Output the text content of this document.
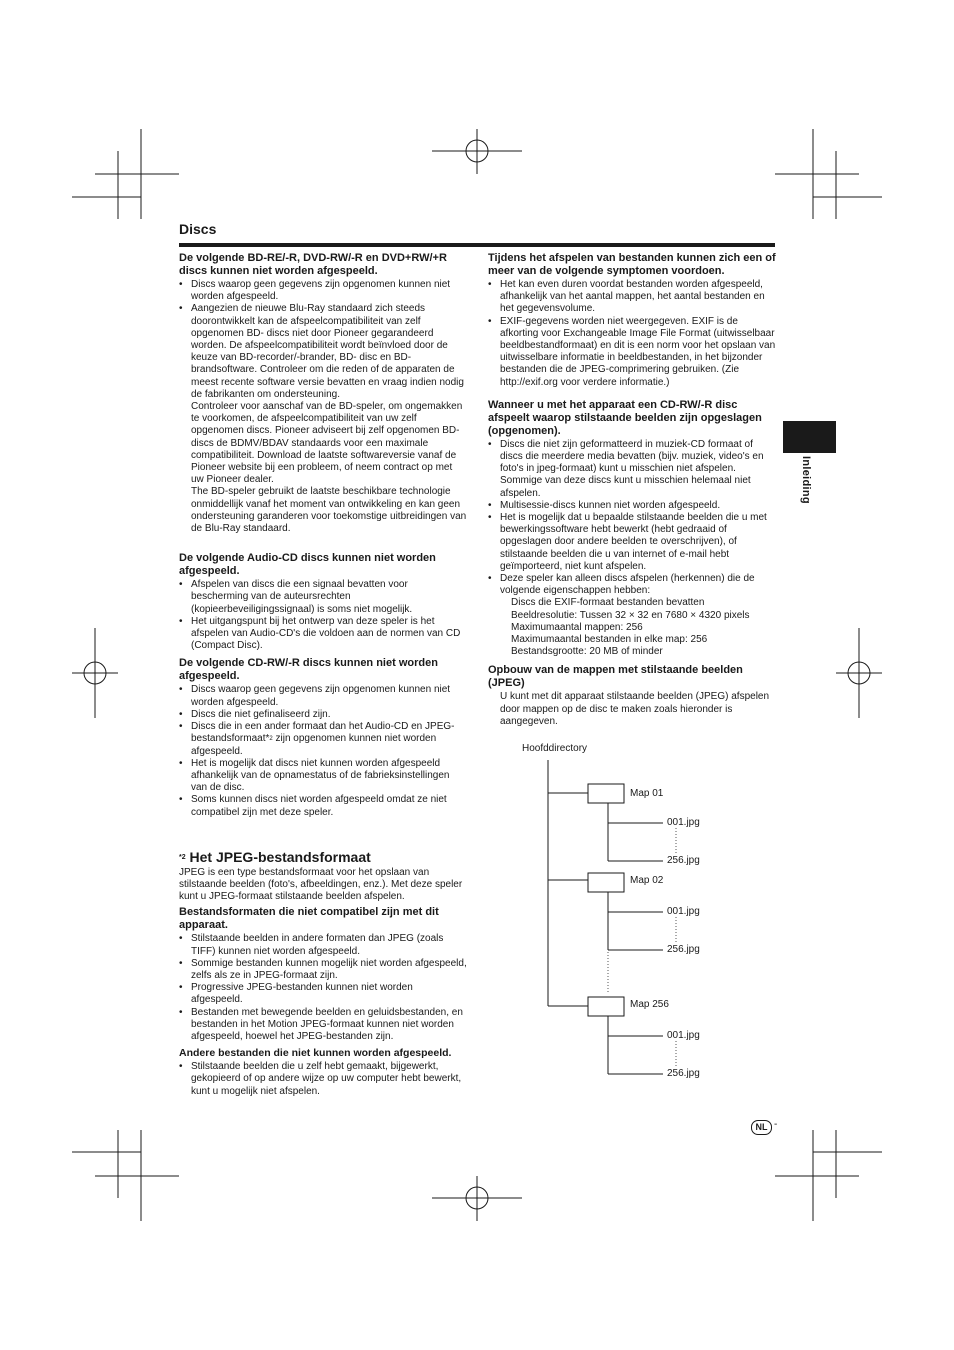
Discs
De volgende BD-RE/-R, DVD-RW/-R en DVD+RW/+R discs kunnen niet worden afgespeeld.
• Discs waarop geen gegevens zijn opgenomen kunnen niet worden afgespeeld.
• Aangezien de nieuwe Blu-Ray standaard zich steeds doorontwikkelt kan de afspeelcompatibiliteit van zelf opgenomen BD- discs niet door Pioneer gegarandeerd worden. De afspeelcompatibiliteit wordt beïnvloed door de keuze van BD-recorder/-brander, BD- disc en BD-brandsoftware. Controleer om die reden of de apparaten de meest recente software versie bevatten en vraag indien nodig de fabrikanten om ondersteuning.

Controleer voor aanschaf van de BD-speler, om ongemakken te voorkomen, de afspeelcompatibiliteit van uw zelf opgenomen discs. Pioneer adviseert bij zelf opgenomen BD-discs de BDMV/BDAV standaards voor een maximale compatibiliteit. Download de laatste softwareversie vanaf de Pioneer website bij een probleem, of neem contract op met uw Pioneer dealer.

The BD-speler gebruikt de laatste beschikbare technologie onmiddellijk vanaf het moment van ontwikkeling en kan geen ondersteuning garanderen voor toekomstige uitbreidingen van de Blu-Ray standaard.

De volgende Audio-CD discs kunnen niet worden afgespeeld.
• Afspelen van discs die een signaal bevatten voor bescherming van de auteursrechten (kopieerbeveiligingssignaal) is soms niet mogelijk.
• Het uitgangspunt bij het ontwerp van deze speler is het afspelen van Audio-CD's die voldoen aan de normen van CD (Compact Disc).
De volgende CD-RW/-R discs kunnen niet worden afgespeeld.
• Discs waarop geen gegevens zijn opgenomen kunnen niet worden afgespeeld.
• Discs die niet gefinaliseerd zijn.
• Discs die in een ander formaat dan het Audio-CD en JPEG-bestandsformaat*$^2$ zijn opgenomen kunnen niet worden afgespeeld.
• Het is mogelijk dat discs niet kunnen worden afgespeeld afhankelijk van de opnamestatus of de fabrieksinstellingen van de disc.
• Soms kunnen discs niet worden afgespeeld omdat ze niet compatibel zijn met deze speler.
$^{*2}$ Het JPEG-bestandsformaat

JPEG is een type bestandsformaat voor het opslaan van stilstaande beelden (foto's, afbeeldingen, enz.). Met deze speler kunt u JPEG-formaat stilstaande beelden afspelen.

Bestandsformaten die niet compatibel zijn met dit apparaat.
• Stilstaande beelden in andere formaten dan JPEG (zoals TIFF) kunnen niet worden afgespeeld.
• Sommige bestanden kunnen mogelijk niet worden afgespeeld, zelfs als ze in JPEG-formaat zijn.
• Progressive JPEG-bestanden kunnen niet worden afgespeeld.
• Bestanden met bewegende beelden en geluidsbestanden, en bestanden in het Motion JPEG-formaat kunnen niet worden afgespeeld, hoewel het JPEG-bestanden zijn.
Andere bestanden die niet kunnen worden afgespeeld.
• Stilstaande beelden die u zelf hebt gemaakt, bijgewerkt, gekopieerd of op andere wijze op uw computer hebt bewerkt, kunt u mogelijk niet afspelen.
Tijdens het afspelen van bestanden kunnen zich een of meer van de volgende symptomen voordoen.
• Het kan even duren voordat bestanden worden afgespeeld, afhankelijk van het aantal mappen, het aantal bestanden en het gegevensvolume.
• EXIF-gegevens worden niet weergegeven. EXIF is de afkorting voor Exchangeable Image File Format (uitwisselbaar beeldbestandformaat) en dit is een norm voor het opslaan van uitwisselbare informatie in beeldbestanden, in het bijzonder bestanden die de JPEG-comprimering gebruiken. (Zie http://exif.org voor verdere informatie.)
Wanneer u met het apparaat een CD-RW/-R disc afspeelt waarop stilstaande beelden zijn opgeslagen (opgenomen).
• Discs die niet zijn geformatteerd in muziek-CD formaat of discs die meerdere media bevatten (bijv. muziek, video's en foto's in jpeg-formaat) kunt u misschien niet afspelen. Sommige van deze discs kunt u misschien helemaal niet afspelen.
• Multisessie-discs kunnen niet worden afgespeeld.
• Het is mogelijk dat u bepaalde stilstaande beelden die u met bewerkingssoftware hebt bewerkt (hebt gedraaid of opgeslagen door andere beelden te overschrijven), of stilstaande beelden die u van internet of e-mail hebt geïmporteerd, niet kunt afspelen.
• Deze speler kan alleen discs afspelen (herkennen) die de volgende eigenschappen hebben:
Discs die EXIF-formaat bestanden bevatten
Beeldresolutie: Tussen 32 × 32 en 7680 × 4320 pixels
Maximumaantal mappen: 256
Maximumaantal bestanden in elke map: 256
Bestandsgrootte: 20 MB of minder
Opbouw van de mappen met stilstaande beelden (JPEG)

U kunt met dit apparaat stilstaande beelden (JPEG) afspelen door mappen op de disc te maken zoals hieronder is aangegeven.

Hoofddirectory
Map 01
001.jpg
256.jpg
Map 02
001.jpg
256.jpg
Map 256
001.jpg
256.jpg
Inleiding
NL -
